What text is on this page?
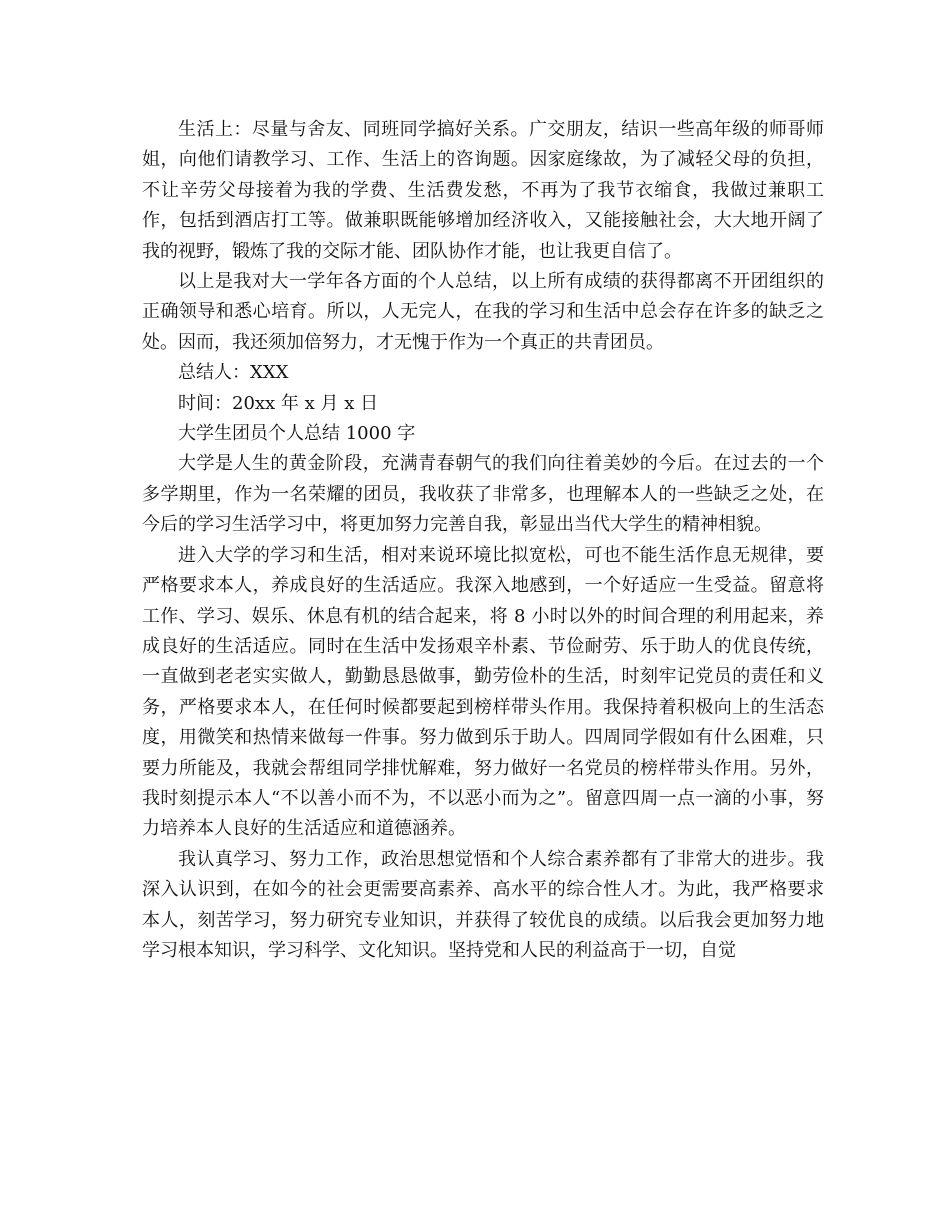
生活上：尽量与舍友、同班同学搞好关系。广交朋友，结识一些高年级的师哥师姐，向他们请教学习、工作、生活上的咨询题。因家庭缘故，为了减轻父母的负担，不让辛劳父母接着为我的学费、生活费发愁，不再为了我节衣缩食，我做过兼职工作，包括到酒店打工等。做兼职既能够增加经济收入，又能接触社会，大大地开阔了我的视野，锻炼了我的交际才能、团队协作才能，也让我更自信了。

以上是我对大一学年各方面的个人总结，以上所有成绩的获得都离不开团组织的正确领导和悉心培育。所以，人无完人，在我的学习和生活中总会存在许多的缺乏之处。因而，我还须加倍努力，才无愧于作为一个真正的共青团员。

总结人：XXX

时间：20xx 年 x 月 x 日

大学生团员个人总结 1000 字

大学是人生的黄金阶段，充满青春朝气的我们向往着美妙的今后。在过去的一个多学期里，作为一名荣耀的团员，我收获了非常多，也理解本人的一些缺乏之处，在今后的学习生活学习中，将更加努力完善自我，彰显出当代大学生的精神相貌。

进入大学的学习和生活，相对来说环境比拟宽松，可也不能生活作息无规律，要严格要求本人，养成良好的生活适应。我深入地感到，一个好适应一生受益。留意将工作、学习、娱乐、休息有机的结合起来，将 8 小时以外的时间合理的利用起来，养成良好的生活适应。同时在生活中发扬艰辛朴素、节俭耐劳、乐于助人的优良传统，一直做到老老实实做人，勤勤恳恳做事，勤劳俭朴的生活，时刻牢记党员的责任和义务，严格要求本人，在任何时候都要起到榜样带头作用。我保持着积极向上的生活态度，用微笑和热情来做每一件事。努力做到乐于助人。四周同学假如有什么困难，只要力所能及，我就会帮组同学排忧解难，努力做好一名党员的榜样带头作用。另外，我时刻提示本人“不以善小而不为，不以恶小而为之”。留意四周一点一滴的小事，努力培养本人良好的生活适应和道德涵养。

我认真学习、努力工作，政治思想觉悟和个人综合素养都有了非常大的进步。我深入认识到，在如今的社会更需要高素养、高水平的综合性人才。为此，我严格要求本人，刻苦学习，努力研究专业知识，并获得了较优良的成绩。以后我会更加努力地学习根本知识，学习科学、文化知识。坚持党和人民的利益高于一切，自觉
